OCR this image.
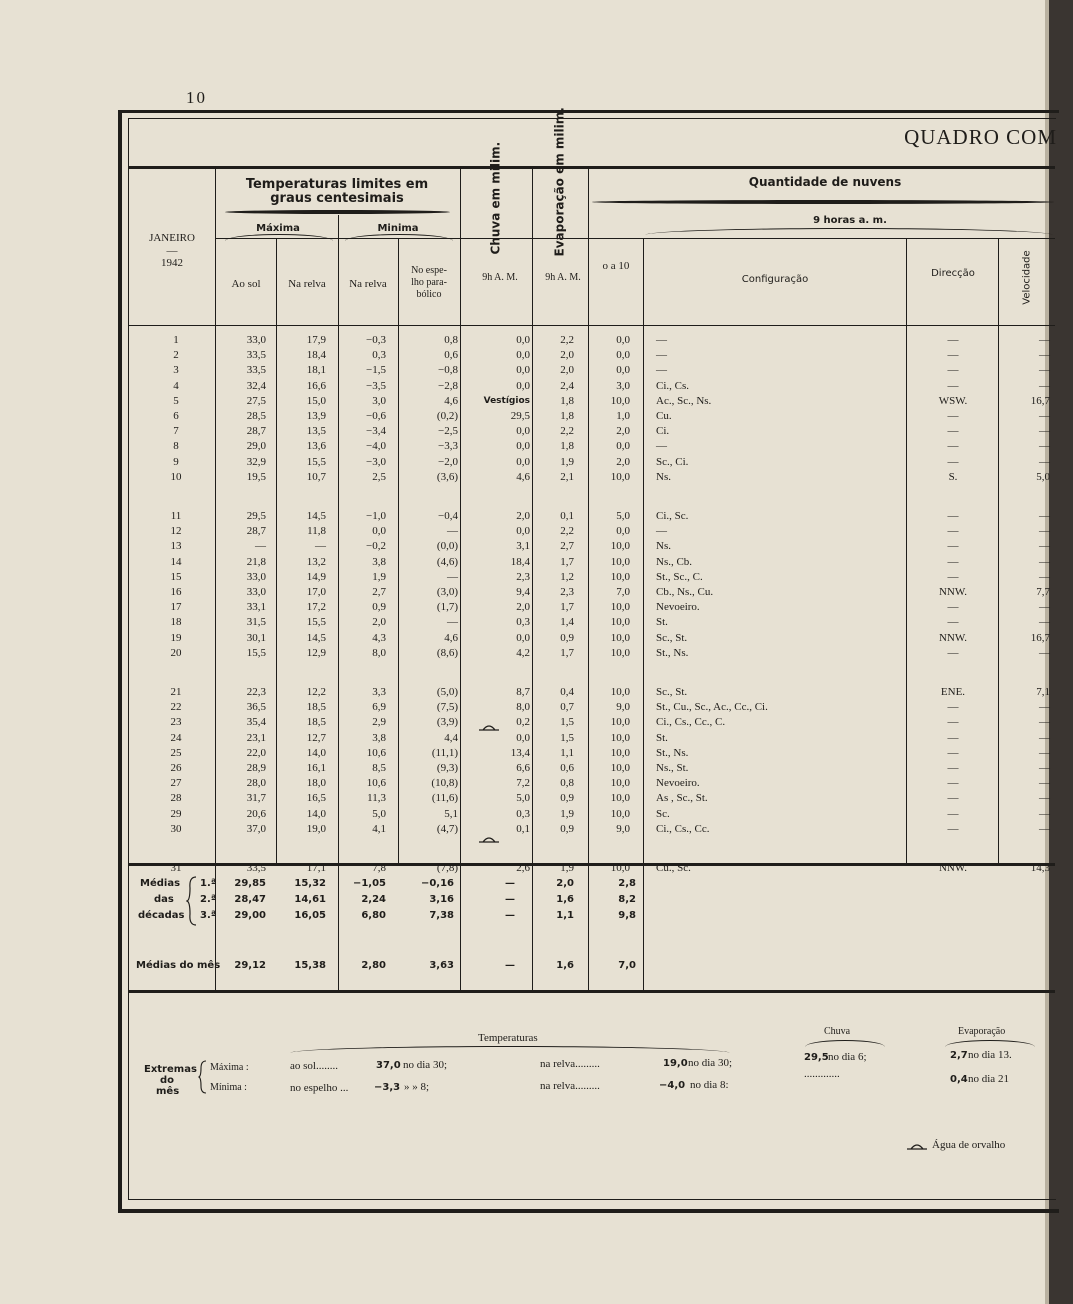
10
QUADRO COM
JANEIRO
—
1942
Temperaturas limites em graus centesimais
Máxima	Minima
Ao sol	Na relva	Na relva
No espe- lho para- bólico
Chuva em milim.	Evaporação em milim.
9h A. M.	9h A. M.
Quantidade de nuvens
o a 10
9 horas a. m.
Configuração
Direcção	Velocidade
1	33,0	17,9	−0,3	0,8	0,0	2,2	0,0 —	—	—
2	33,5	18,4	0,3	0,6	0,0	2,0	0,0 —	—	—
3	33,5	18,1	−1,5	−0,8	0,0	2,0	0,0 —	—	—
4	32,4	16,6	−3,5	−2,8	0,0	2,4	3,0 Ci., Cs.	—	—
5	27,5	15,0	3,0	4,6	Vestígios	1,8	10,0 Ac., Sc., Ns.	WSW.	16,7
6	28,5	13,9	−0,6	(0,2)	29,5	1,8	1,0 Cu.	—	—
7	28,7	13,5	−3,4	−2,5	0,0	2,2	2,0 Ci.	—	—
8	29,0	13,6	−4,0	−3,3	0,0	1,8	0,0 —	—	—
9	32,9	15,5	−3,0	−2,0	0,0	1,9	2,0 Sc., Ci.	—	—
10	19,5	10,7	2,5	(3,6)	4,6	2,1	10,0 Ns.	S.	5,0
11	29,5	14,5	−1,0	−0,4	2,0	0,1	5,0 Ci., Sc.	—	—
12	28,7	11,8	0,0	—	0,0	2,2	0,0 —	—	—
13	—	—	−0,2	(0,0)	3,1	2,7	10,0 Ns.	—	—
14	21,8	13,2	3,8	(4,6)	18,4	1,7	10,0 Ns., Cb.	—	—
15	33,0	14,9	1,9	—	2,3	1,2	10,0 St., Sc., C.	—	—
16	33,0	17,0	2,7	(3,0)	9,4	2,3	7,0 Cb., Ns., Cu.	NNW.	7,7
17	33,1	17,2	0,9	(1,7)	2,0	1,7	10,0 Nevoeiro.	—	—
18	31,5	15,5	2,0	—	0,3	1,4	10,0 St.	—	—
19	30,1	14,5	4,3	4,6	0,0	0,9	10,0 Sc., St.	NNW.	16,7
20	15,5	12,9	8,0	(8,6)	4,2	1,7	10,0 St., Ns.	—	—
21	22,3	12,2	3,3	(5,0)	8,7	0,4	10,0 Sc., St.	ENE.	7,1
22	36,5	18,5	6,9	(7,5)	8,0	0,7	9,0 St., Cu., Sc., Ac., Cc., Ci.	—	—
23	35,4	18,5	2,9	(3,9)	0,2	1,5	10,0 Ci., Cs., Cc., C.	—	—
24	23,1	12,7	3,8	4,4	0,0	1,5	10,0 St.	—	—
25	22,0	14,0	10,6	(11,1)	13,4	1,1	10,0 St., Ns.	—	—
26	28,9	16,1	8,5	(9,3)	6,6	0,6	10,0 Ns., St.	—	—
27	28,0	18,0	10,6	(10,8)	7,2	0,8	10,0 Nevoeiro.	—	—
28	31,7	16,5	11,3	(11,6)	5,0	0,9	10,0 As , Sc., St.	—	—
29	20,6	14,0	5,0	5,1	0,3	1,9	10,0 Sc.	—	—
30	37,0	19,0	4,1	(4,7)	0,1	0,9	9,0 Ci., Cs., Cc.	—	—
31	33,5	17,1	7,8	(7,8)	2,6	1,9	10,0 Cu., Sc.	NNW.	14,3
Médias
das
décadas
1.ª	29,85	15,32	−1,05	−0,16	—	2,0	2,8
2.ª	28,47	14,61	2,24	3,16	—	1,6	8,2
3.ª	29,00	16,05	6,80	7,38	—	1,1	9,8
Médias do mês	29,12	15,38	2,80	3,63	—	1,6	7,0
Temperaturas
Chuva	Evaporação
Extremas
do
mês
Máxima :
Mínima :
ao sol........	37,0 no dia 30;	na relva.........	19,0 no dia 30;
no espelho ...	−3,3 » » 8;	na relva.........	−4,0 no dia 8:
29,5 no dia 6;
.............
2,7 no dia 13.
0,4 no dia 21
Água de orvalho
